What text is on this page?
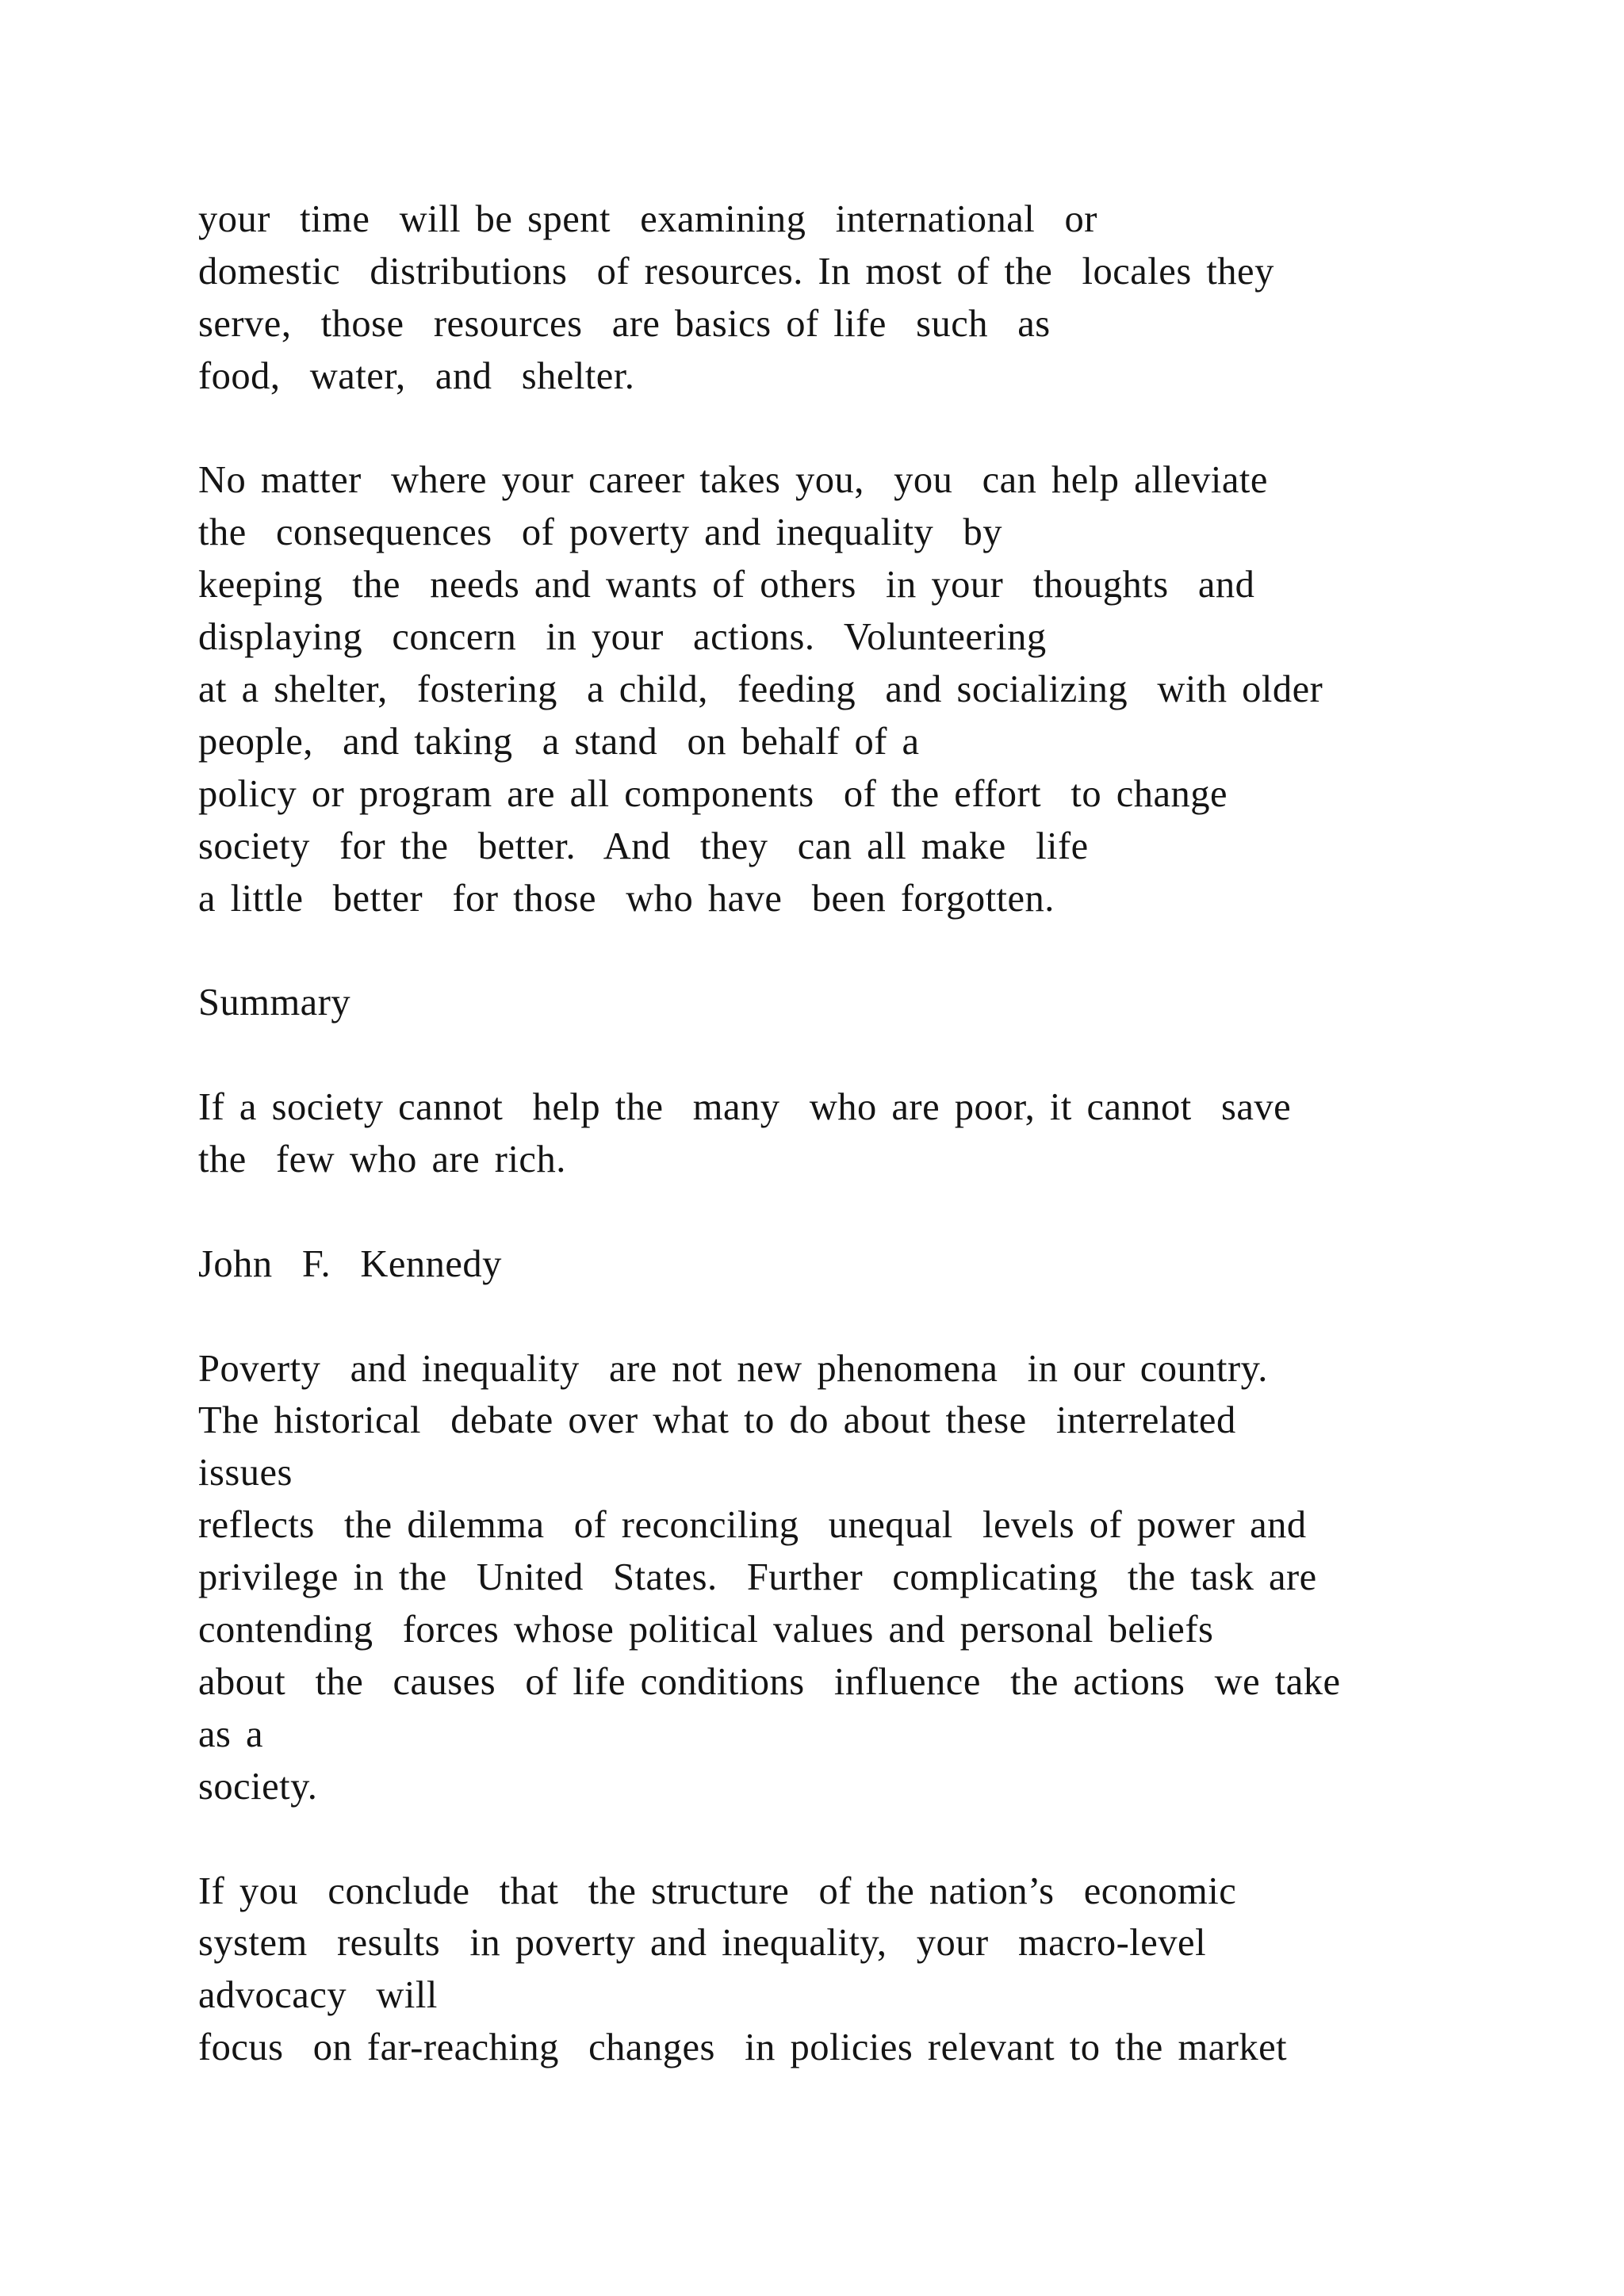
your  time  will be spent  examining  international  or
domestic  distributions  of resources. In most of the  locales they
serve,  those  resources  are basics of life  such  as
food,  water,  and  shelter.
No matter  where your career takes you,  you  can help alleviate
the  consequences  of poverty and inequality  by
keeping  the  needs and wants of others  in your  thoughts  and
displaying  concern  in your  actions.  Volunteering
at a shelter,  fostering  a child,  feeding  and socializing  with older
people,  and taking  a stand  on behalf of a
policy or program are all components  of the effort  to change
society  for the  better.  And  they  can all make  life
a little  better  for those  who have  been forgotten.
Summary
If a society cannot  help the  many  who are poor, it cannot  save
the  few who are rich.
John  F.  Kennedy
Poverty  and inequality  are not new phenomena  in our country.
The historical  debate over what to do about these  interrelated
issues
reflects  the dilemma  of reconciling  unequal  levels of power and
privilege in the  United  States.  Further  complicating  the task are
contending  forces whose political values and personal beliefs
about  the  causes  of life conditions  influence  the actions  we take
as a
society.
If you  conclude  that  the structure  of the nation’s  economic
system  results  in poverty and inequality,  your  macro-level
advocacy  will
focus  on far-reaching  changes  in policies relevant to the market
